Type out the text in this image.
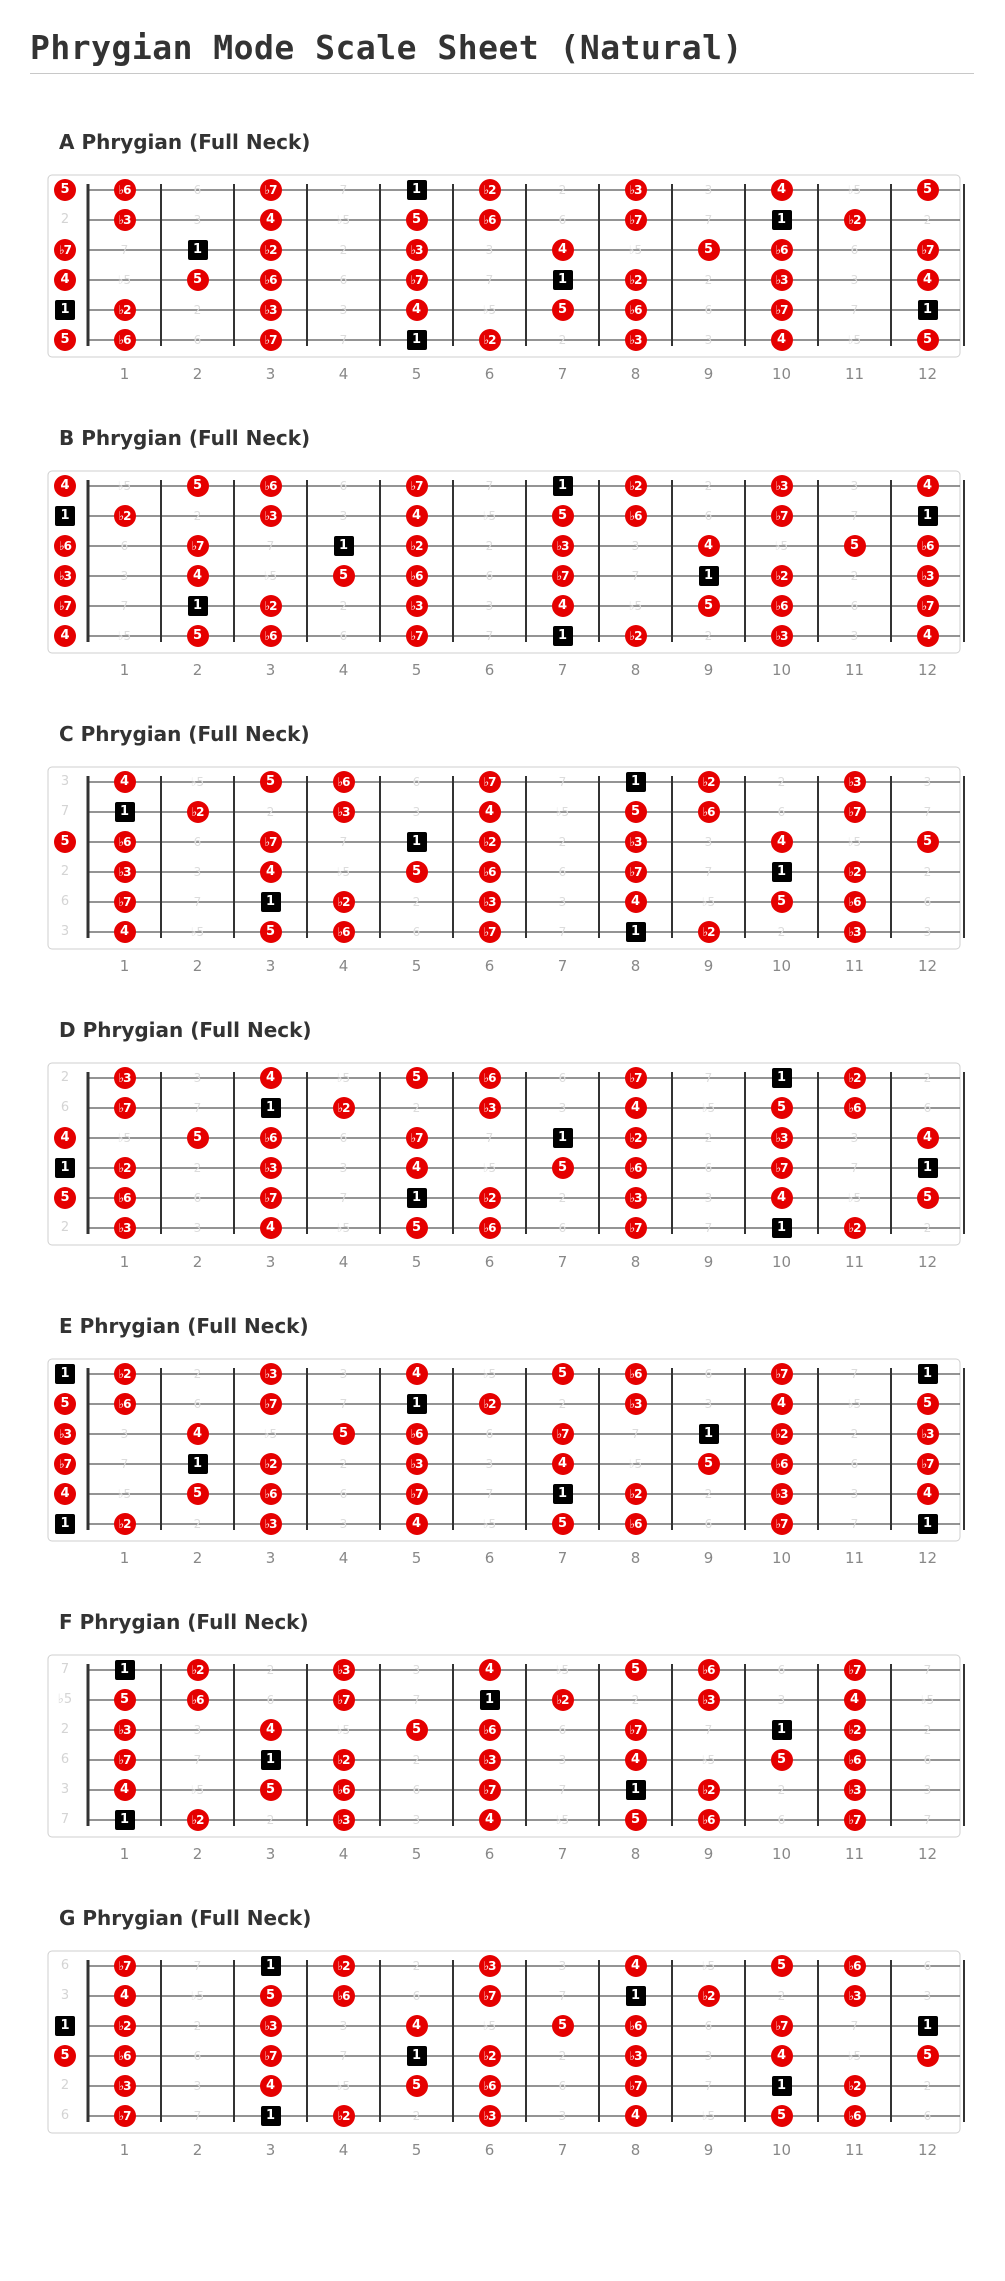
Phrygian Mode Scale Sheet (Natural)
A Phrygian (Full Neck)
5	♭6	6	♭7	7	1	♭2	2	♭3	3	4	♭5	5
2	♭3	3	4	♭5	5	♭6	6	♭7	7	1	♭2	2
♭7	7	1	♭2	2	♭3	3	4	♭5	5	♭6	6	♭7
4	♭5	5	♭6	6	♭7	7	1	♭2	2	♭3	3	4
1	♭2	2	♭3	3	4	♭5	5	♭6	6	♭7	7	1
5	♭6	6	♭7	7	1	♭2	2	♭3	3	4	♭5	5
1	2	3	4	5	6	7	8	9	10	11	12
B Phrygian (Full Neck)
4	♭5	5	♭6	6	♭7	7	1	♭2	2	♭3	3	4
1	♭2	2	♭3	3	4	♭5	5	♭6	6	♭7	7	1
♭6	6	♭7	7	1	♭2	2	♭3	3	4	♭5	5	♭6
♭3	3	4	♭5	5	♭6	6	♭7	7	1	♭2	2	♭3
♭7	7	1	♭2	2	♭3	3	4	♭5	5	♭6	6	♭7
4	♭5	5	♭6	6	♭7	7	1	♭2	2	♭3	3	4
1	2	3	4	5	6	7	8	9	10	11	12
C Phrygian (Full Neck)
3	4	♭5	5	♭6	6	♭7	7	1	♭2	2	♭3	3
7	1	♭2	2	♭3	3	4	♭5	5	♭6	6	♭7	7
5	♭6	6	♭7	7	1	♭2	2	♭3	3	4	♭5	5
2	♭3	3	4	♭5	5	♭6	6	♭7	7	1	♭2	2
6	♭7	7	1	♭2	2	♭3	3	4	♭5	5	♭6	6
3	4	♭5	5	♭6	6	♭7	7	1	♭2	2	♭3	3
1	2	3	4	5	6	7	8	9	10	11	12
D Phrygian (Full Neck)
2	♭3	3	4	♭5	5	♭6	6	♭7	7	1	♭2	2
6	♭7	7	1	♭2	2	♭3	3	4	♭5	5	♭6	6
4	♭5	5	♭6	6	♭7	7	1	♭2	2	♭3	3	4
1	♭2	2	♭3	3	4	♭5	5	♭6	6	♭7	7	1
5	♭6	6	♭7	7	1	♭2	2	♭3	3	4	♭5	5
2	♭3	3	4	♭5	5	♭6	6	♭7	7	1	♭2	2
1	2	3	4	5	6	7	8	9	10	11	12
E Phrygian (Full Neck)
1	♭2	2	♭3	3	4	♭5	5	♭6	6	♭7	7	1
5	♭6	6	♭7	7	1	♭2	2	♭3	3	4	♭5	5
♭3	3	4	♭5	5	♭6	6	♭7	7	1	♭2	2	♭3
♭7	7	1	♭2	2	♭3	3	4	♭5	5	♭6	6	♭7
4	♭5	5	♭6	6	♭7	7	1	♭2	2	♭3	3	4
1	♭2	2	♭3	3	4	♭5	5	♭6	6	♭7	7	1
1	2	3	4	5	6	7	8	9	10	11	12
F Phrygian (Full Neck)
7	1	♭2	2	♭3	3	4	♭5	5	♭6	6	♭7	7
♭5	5	♭6	6	♭7	7	1	♭2	2	♭3	3	4	♭5
2	♭3	3	4	♭5	5	♭6	6	♭7	7	1	♭2	2
6	♭7	7	1	♭2	2	♭3	3	4	♭5	5	♭6	6
3	4	♭5	5	♭6	6	♭7	7	1	♭2	2	♭3	3
7	1	♭2	2	♭3	3	4	♭5	5	♭6	6	♭7	7
1	2	3	4	5	6	7	8	9	10	11	12
G Phrygian (Full Neck)
6	♭7	7	1	♭2	2	♭3	3	4	♭5	5	♭6	6
3	4	♭5	5	♭6	6	♭7	7	1	♭2	2	♭3	3
1	♭2	2	♭3	3	4	♭5	5	♭6	6	♭7	7	1
5	♭6	6	♭7	7	1	♭2	2	♭3	3	4	♭5	5
2	♭3	3	4	♭5	5	♭6	6	♭7	7	1	♭2	2
6	♭7	7	1	♭2	2	♭3	3	4	♭5	5	♭6	6
1	2	3	4	5	6	7	8	9	10	11	12
